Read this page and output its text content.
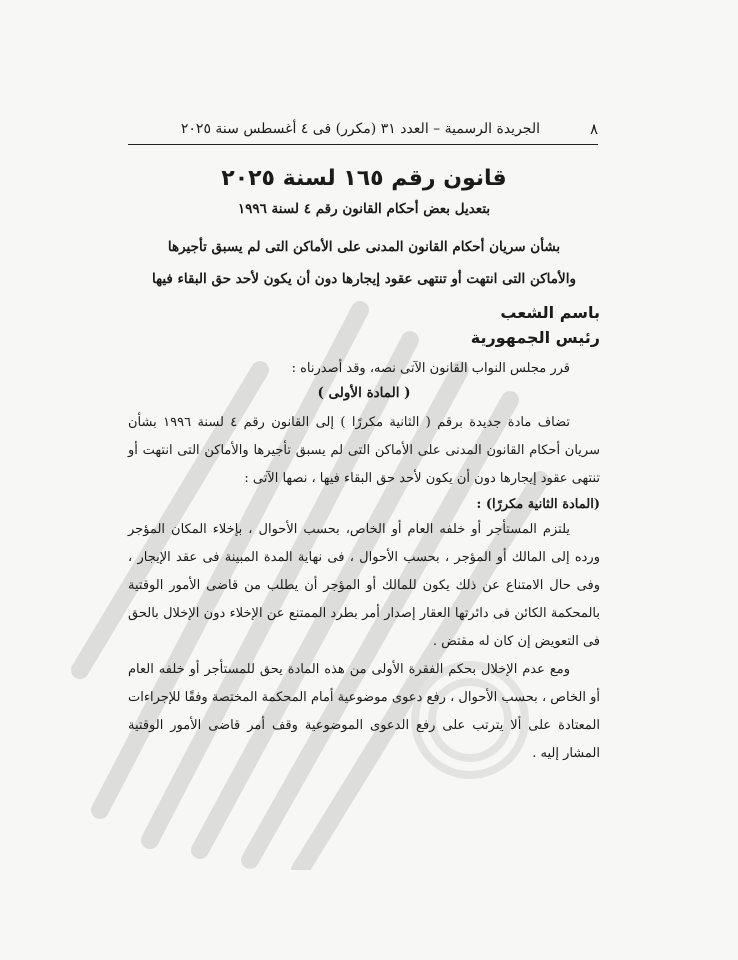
٨
الجريدة الرسمية – العدد ٣١ (مكرر) فى ٤ أغسطس سنة ٢٠٢٥
قانون رقم ١٦٥ لسنة ٢٠٢٥
بتعديل بعض أحكام القانون رقم ٤ لسنة ١٩٩٦
بشأن سريان أحكام القانون المدنى على الأماكن التى لم يسبق تأجيرها
والأماكن التى انتهت أو تنتهى عقود إيجارها دون أن يكون لأحد حق البقاء فيها
باسم الشعب
رئيس الجمهورية

قرر مجلس النواب القانون الآتى نصه، وقد أصدرناه :

( المادة الأولى )

تضاف مادة جديدة برقم ( الثانية مكررًا ) إلى القانون رقم ٤ لسنة ١٩٩٦ بشأن سريان أحكام القانون المدنى على الأماكن التى لم يسبق تأجيرها والأماكن التى انتهت أو تنتهى عقود إيجارها دون أن يكون لأحد حق البقاء فيها ، نصها الآتى :

(المادة الثانية مكررًا) :

يلتزم المستأجر أو خلفه العام أو الخاص، بحسب الأحوال ، بإخلاء المكان المؤجر ورده إلى المالك أو المؤجر ، بحسب الأحوال ، فى نهاية المدة المبينة فى عقد الإيجار ، وفى حال الامتناع عن ذلك يكون للمالك أو المؤجر أن يطلب من قاضى الأمور الوقتية بالمحكمة الكائن فى دائرتها العقار إصدار أمر بطرد الممتنع عن الإخلاء دون الإخلال بالحق فى التعويض إن كان له مقتض .

ومع عدم الإخلال بحكم الفقرة الأولى من هذه المادة يحق للمستأجر أو خلفه العام أو الخاص ، بحسب الأحوال ، رفع دعوى موضوعية أمام المحكمة المختصة وفقًا للإجراءات المعتادة على ألا يترتب على رفع الدعوى الموضوعية وقف أمر قاضى الأمور الوقتية المشار إليه .
